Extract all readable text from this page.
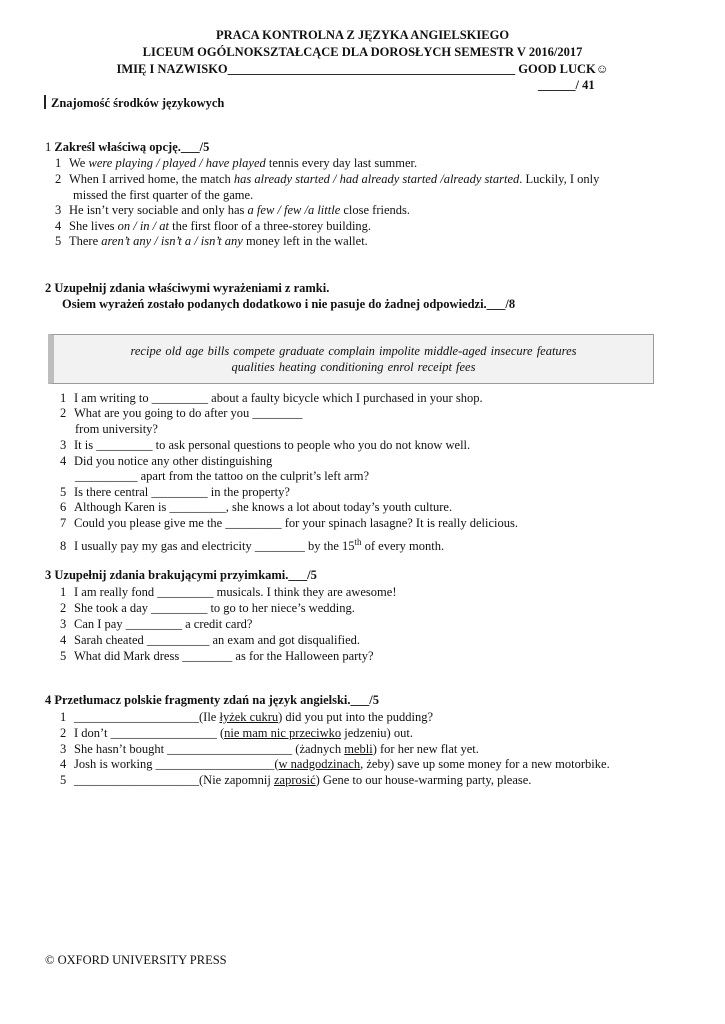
PRACA KONTROLNA Z JĘZYKA ANGIELSKIEGO
LICEUM OGÓLNOKSZTAŁCĄCE DLA DOROSŁYCH SEMESTR V 2016/2017
IMIĘ I NAZWISKO______________________________________________ GOOD LUCK☺
______/ 41
Znajomość środków językowych
1 Zakreśl właściwą opcję.___/5
1 We were playing / played / have played tennis every day last summer.
2 When I arrived home, the match has already started / had already started /already started. Luckily, I only
missed the first quarter of the game.
3 He isn’t very sociable and only has a few / few /a little close friends.
4 She lives on / in / at the first floor of a three-storey building.
5 There aren’t any / isn’t a / isn’t any money left in the wallet.
2 Uzupełnij zdania właściwymi wyrażeniami z ramki.
Osiem wyrażeń zostało podanych dodatkowo i nie pasuje do żadnej odpowiedzi.___/8
recipe old age bills compete graduate complain impolite middle-aged insecure features
qualities heating conditioning enrol receipt fees
1 I am writing to _________ about a faulty bicycle which I purchased in your shop.
2 What are you going to do after you ________
from university?
3 It is _________ to ask personal questions to people who you do not know well.
4 Did you notice any other distinguishing
__________ apart from the tattoo on the culprit’s left arm?
5 Is there central _________ in the property?
6 Although Karen is _________, she knows a lot about today’s youth culture.
7 Could you please give me the _________ for your spinach lasagne? It is really delicious.
8 I usually pay my gas and electricity ________ by the 15th of every month.
3 Uzupełnij zdania brakującymi przyimkami.___/5
1 I am really fond _________ musicals. I think they are awesome!
2 She took a day _________ to go to her niece’s wedding.
3 Can I pay _________ a credit card?
4 Sarah cheated __________ an exam and got disqualified.
5 What did Mark dress ________ as for the Halloween party?
4 Przetłumacz polskie fragmenty zdań na język angielski.___/5
1 ____________________(Ile łyżek cukru) did you put into the pudding?
2 I don’t _________________ (nie mam nic przeciwko jedzeniu) out.
3 She hasn’t bought ____________________ (żadnych mebli) for her new flat yet.
4 Josh is working ___________________(w nadgodzinach, żeby) save up some money for a new motorbike.
5 ____________________(Nie zapomnij zaprosić) Gene to our house-warming party, please.
© OXFORD UNIVERSITY PRESS
